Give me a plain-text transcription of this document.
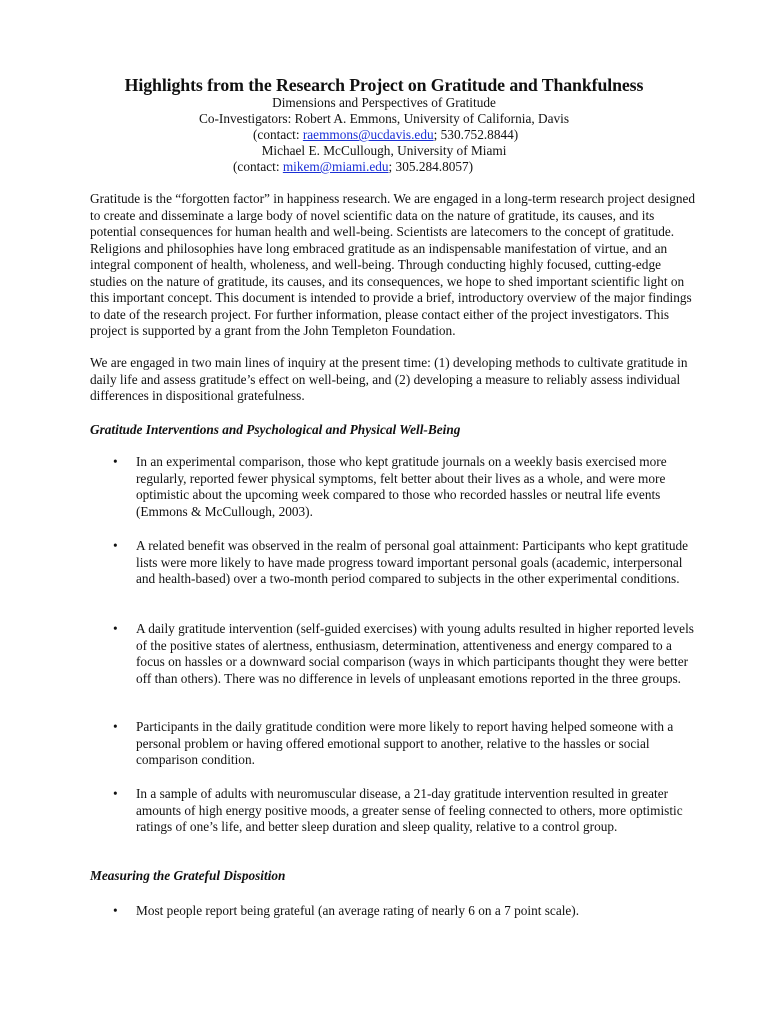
Highlights from the Research Project on Gratitude and Thankfulness
Dimensions and Perspectives of Gratitude
Co-Investigators: Robert A. Emmons, University of California, Davis
(contact: raemmons@ucdavis.edu; 530.752.8844)
Michael E. McCullough, University of Miami
(contact: mikem@miami.edu; 305.284.8057)
Gratitude is the “forgotten factor” in happiness research. We are engaged in a long-term research project designed to create and disseminate a large body of novel scientific data on the nature of gratitude, its causes, and its potential consequences for human health and well-being. Scientists are latecomers to the concept of gratitude. Religions and philosophies have long embraced gratitude as an indispensable manifestation of virtue, and an integral component of health, wholeness, and well-being. Through conducting highly focused, cutting-edge studies on the nature of gratitude, its causes, and its consequences, we hope to shed important scientific light on this important concept. This document is intended to provide a brief, introductory overview of the major findings to date of the research project. For further information, please contact either of the project investigators. This project is supported by a grant from the John Templeton Foundation.
We are engaged in two main lines of inquiry at the present time: (1) developing methods to cultivate gratitude in daily life and assess gratitude’s effect on well-being, and (2) developing a measure to reliably assess individual differences in dispositional gratefulness.
Gratitude Interventions and Psychological and Physical Well-Being
• In an experimental comparison, those who kept gratitude journals on a weekly basis exercised more regularly, reported fewer physical symptoms, felt better about their lives as a whole, and were more optimistic about the upcoming week compared to those who recorded hassles or neutral life events (Emmons & McCullough, 2003).
• A related benefit was observed in the realm of personal goal attainment: Participants who kept gratitude lists were more likely to have made progress toward important personal goals (academic, interpersonal and health-based) over a two-month period compared to subjects in the other experimental conditions.
• A daily gratitude intervention (self-guided exercises) with young adults resulted in higher reported levels of the positive states of alertness, enthusiasm, determination, attentiveness and energy compared to a focus on hassles or a downward social comparison (ways in which participants thought they were better off than others). There was no difference in levels of unpleasant emotions reported in the three groups.
• Participants in the daily gratitude condition were more likely to report having helped someone with a personal problem or having offered emotional support to another, relative to the hassles or social comparison condition.
• In a sample of adults with neuromuscular disease, a 21-day gratitude intervention resulted in greater amounts of high energy positive moods, a greater sense of feeling connected to others, more optimistic ratings of one’s life, and better sleep duration and sleep quality, relative to a control group.
Measuring the Grateful Disposition
• Most people report being grateful (an average rating of nearly 6 on a 7 point scale).
